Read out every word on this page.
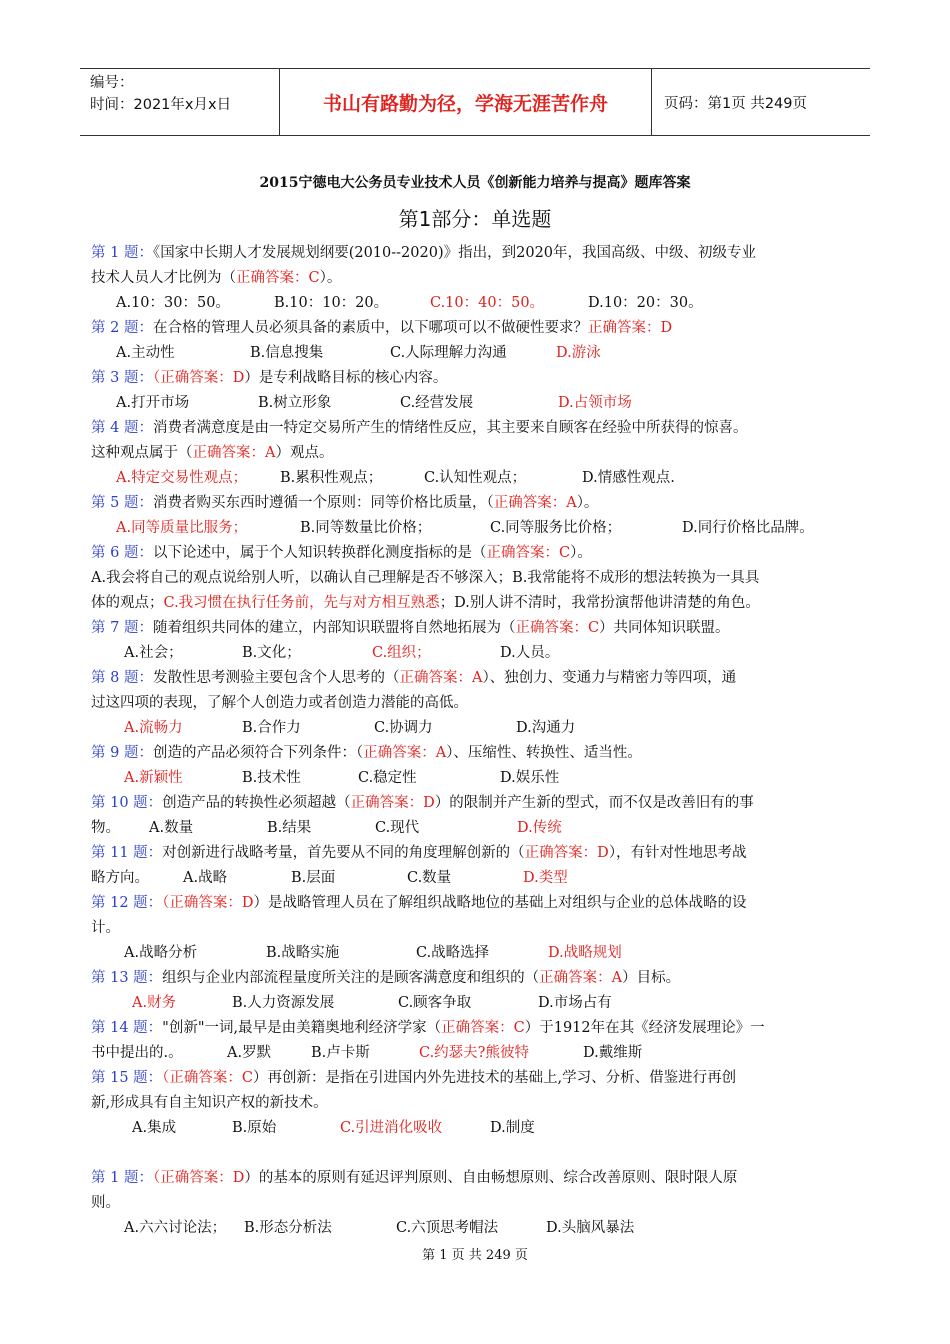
编号：
时间：2021年x月x日	书山有路勤为径，学海无涯苦作舟	页码：第1页 共249页
2015宁德电大公务员专业技术人员《创新能力培养与提高》题库答案
第1部分：单选题
第 1 题：《国家中长期人才发展规划纲要(2010--2020)》指出，到2020年，我国高级、中级、初级专业
技术人员人才比例为（正确答案：C）。
A.10：30：50。	B.10：10：20。	C.10：40：50。	D.10：20：30。
第 2 题：在合格的管理人员必须具备的素质中，以下哪项可以不做硬性要求？正确答案：D
A.主动性	B.信息搜集	C.人际理解力沟通	D.游泳
第 3 题：（正确答案：D）是专利战略目标的核心内容。
A.打开市场	B.树立形象	C.经营发展	D.占领市场
第 4 题：消费者满意度是由一特定交易所产生的情绪性反应，其主要来自顾客在经验中所获得的惊喜。
这种观点属于（正确答案：A）观点。
A.特定交易性观点； B.累积性观点；	C.认知性观点；	D.情感性观点.
第 5 题：消费者购买东西时遵循一个原则：同等价格比质量，（正确答案：A）。
A.同等质量比服务；	B.同等数量比价格；	C.同等服务比价格；	D.同行价格比品牌。
第 6 题：以下论述中，属于个人知识转换群化测度指标的是（正确答案：C）。
A.我会将自己的观点说给别人听，以确认自己理解是否不够深入；B.我常能将不成形的想法转换为一具具
体的观点；C.我习惯在执行任务前，先与对方相互熟悉；D.别人讲不清时，我常扮演帮他讲清楚的角色。
第 7 题：随着组织共同体的建立，内部知识联盟将自然地拓展为（正确答案：C）共同体知识联盟。
A.社会；	B.文化；	C.组织；	D.人员。
第 8 题：发散性思考测验主要包含个人思考的（正确答案：A）、独创力、变通力与精密力等四项，通
过这四项的表现，了解个人创造力或者创造力潜能的高低。
A.流畅力	B.合作力	C.协调力	D.沟通力
第 9 题：创造的产品必须符合下列条件：（正确答案：A）、压缩性、转换性、适当性。
A.新颖性	B.技术性	C.稳定性	D.娱乐性
第 10 题：创造产品的转换性必须超越（正确答案：D）的限制并产生新的型式，而不仅是改善旧有的事
物。 A.数量	B.结果	C.现代	D.传统
第 11 题：对创新进行战略考量，首先要从不同的角度理解创新的（正确答案：D），有针对性地思考战
略方向。 A.战略	B.层面	C.数量	D.类型
第 12 题：（正确答案：D）是战略管理人员在了解组织战略地位的基础上对组织与企业的总体战略的设
计。
A.战略分析	B.战略实施	C.战略选择	D.战略规划
第 13 题：组织与企业内部流程量度所关注的是顾客满意度和组织的（正确答案：A）目标。
A.财务	B.人力资源发展	C.顾客争取	D.市场占有
第 14 题："创新"一词,最早是由美籍奥地利经济学家（正确答案：C）于1912年在其《经济发展理论》一
书中提出的.。	A.罗默	B.卢卡斯	C.约瑟夫?熊彼特	D.戴维斯
第 15 题：（正确答案：C）再创新：是指在引进国内外先进技术的基础上,学习、分析、借鉴进行再创
新,形成具有自主知识产权的新技术。
A.集成	B.原始	C.引进消化吸收	D.制度
第 1 题：（正确答案：D）的基本的原则有延迟评判原则、自由畅想原则、综合改善原则、限时限人原
则。
A.六六讨论法； B.形态分析法	C.六顶思考帽法	D.头脑风暴法
第 1 页 共 249 页
